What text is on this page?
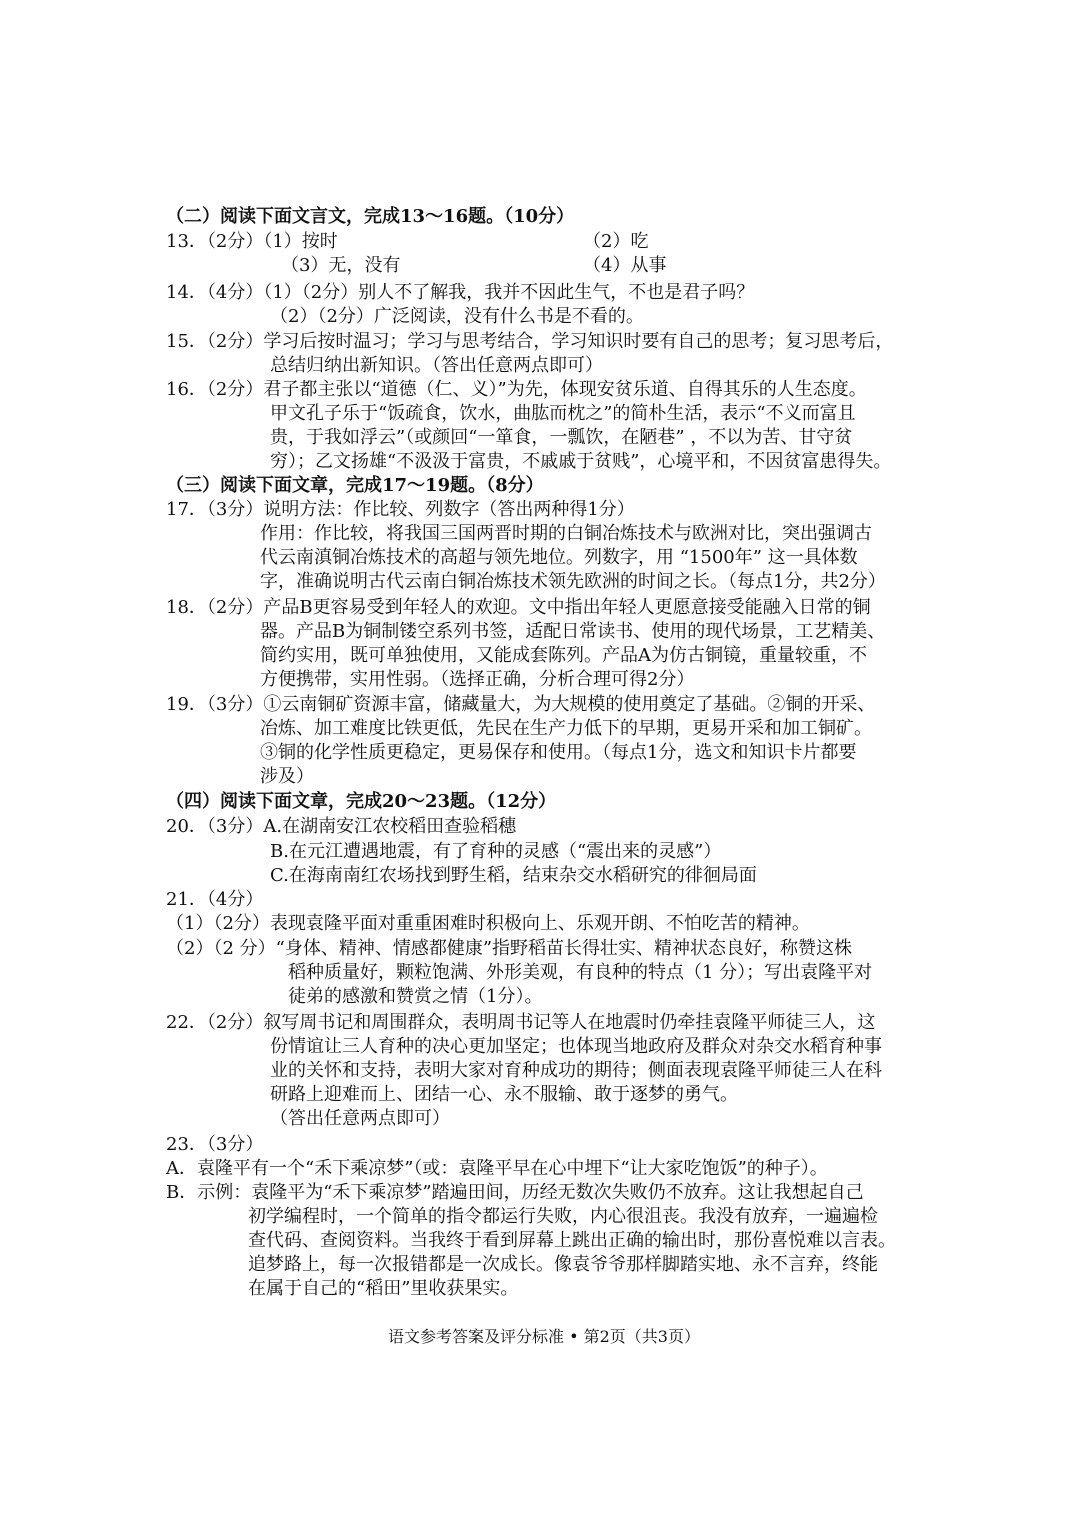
（二）阅读下面文言文，完成13～16题。（10分）
13．（2分）（1）按时	（2）吃
（3）无，没有	（4）从事
14．（4分）（1）（2分）别人不了解我，我并不因此生气，不也是君子吗？
（2）（2分）广泛阅读，没有什么书是不看的。
15．（2分）学习后按时温习；学习与思考结合，学习知识时要有自己的思考；复习思考后，
总结归纳出新知识。（答出任意两点即可）
16．（2分）君子都主张以“道德（仁、义）”为先，体现安贫乐道、自得其乐的人生态度。
甲文孔子乐于“饭疏食，饮水，曲肱而枕之”的简朴生活，表示“不义而富且
贵，于我如浮云”（或颜回“一箪食，一瓢饮，在陋巷” ，不以为苦、甘守贫
穷）；乙文扬雄“不汲汲于富贵，不戚戚于贫贱”，心境平和，不因贫富患得失。
（三）阅读下面文章，完成17～19题。（8分）
17．（3分）说明方法：作比较、列数字（答出两种得1分）
作用：作比较，将我国三国两晋时期的白铜冶炼技术与欧洲对比，突出强调古
代云南滇铜冶炼技术的高超与领先地位。列数字，用 “1500年” 这一具体数
字，准确说明古代云南白铜冶炼技术领先欧洲的时间之长。（每点1分，共2分）
18．（2分）产品B更容易受到年轻人的欢迎。文中指出年轻人更愿意接受能融入日常的铜
器。产品B为铜制镂空系列书签，适配日常读书、使用的现代场景，工艺精美、
简约实用，既可单独使用，又能成套陈列。产品A为仿古铜镜，重量较重，不
方便携带，实用性弱。（选择正确，分析合理可得2分）
19．（3分）①云南铜矿资源丰富，储藏量大，为大规模的使用奠定了基础。②铜的开采、
冶炼、加工难度比铁更低，先民在生产力低下的早期，更易开采和加工铜矿。
③铜的化学性质更稳定，更易保存和使用。（每点1分，选文和知识卡片都要
涉及）
（四）阅读下面文章，完成20～23题。（12分）
20．（3分）A.在湖南安江农校稻田查验稻穗
B.在元江遭遇地震，有了育种的灵感（“震出来的灵感”）
C.在海南南红农场找到野生稻，结束杂交水稻研究的徘徊局面
21．（4分）
（1）（2分）表现袁隆平面对重重困难时积极向上、乐观开朗、不怕吃苦的精神。
（2）（2 分）“身体、精神、情感都健康”指野稻苗长得壮实、精神状态良好，称赞这株
稻种质量好，颗粒饱满、外形美观，有良种的特点（1 分）；写出袁隆平对
徒弟的感激和赞赏之情（1分）。
22．（2分）叙写周书记和周围群众，表明周书记等人在地震时仍牵挂袁隆平师徒三人，这
份情谊让三人育种的决心更加坚定；也体现当地政府及群众对杂交水稻育种事
业的关怀和支持，表明大家对育种成功的期待；侧面表现袁隆平师徒三人在科
研路上迎难而上、团结一心、永不服输、敢于逐梦的勇气。
（答出任意两点即可）
23．（3分）
A．袁隆平有一个“禾下乘凉梦”（或：袁隆平早在心中埋下“让大家吃饱饭”的种子）。
B．示例：袁隆平为“禾下乘凉梦”踏遍田间，历经无数次失败仍不放弃。这让我想起自己
初学编程时，一个简单的指令都运行失败，内心很沮丧。我没有放弃，一遍遍检
查代码、查阅资料。当我终于看到屏幕上跳出正确的输出时，那份喜悦难以言表。
追梦路上，每一次报错都是一次成长。像袁爷爷那样脚踏实地、永不言弃，终能
在属于自己的“稻田”里收获果实。
语文参考答案及评分标准 • 第2页（共3页）
